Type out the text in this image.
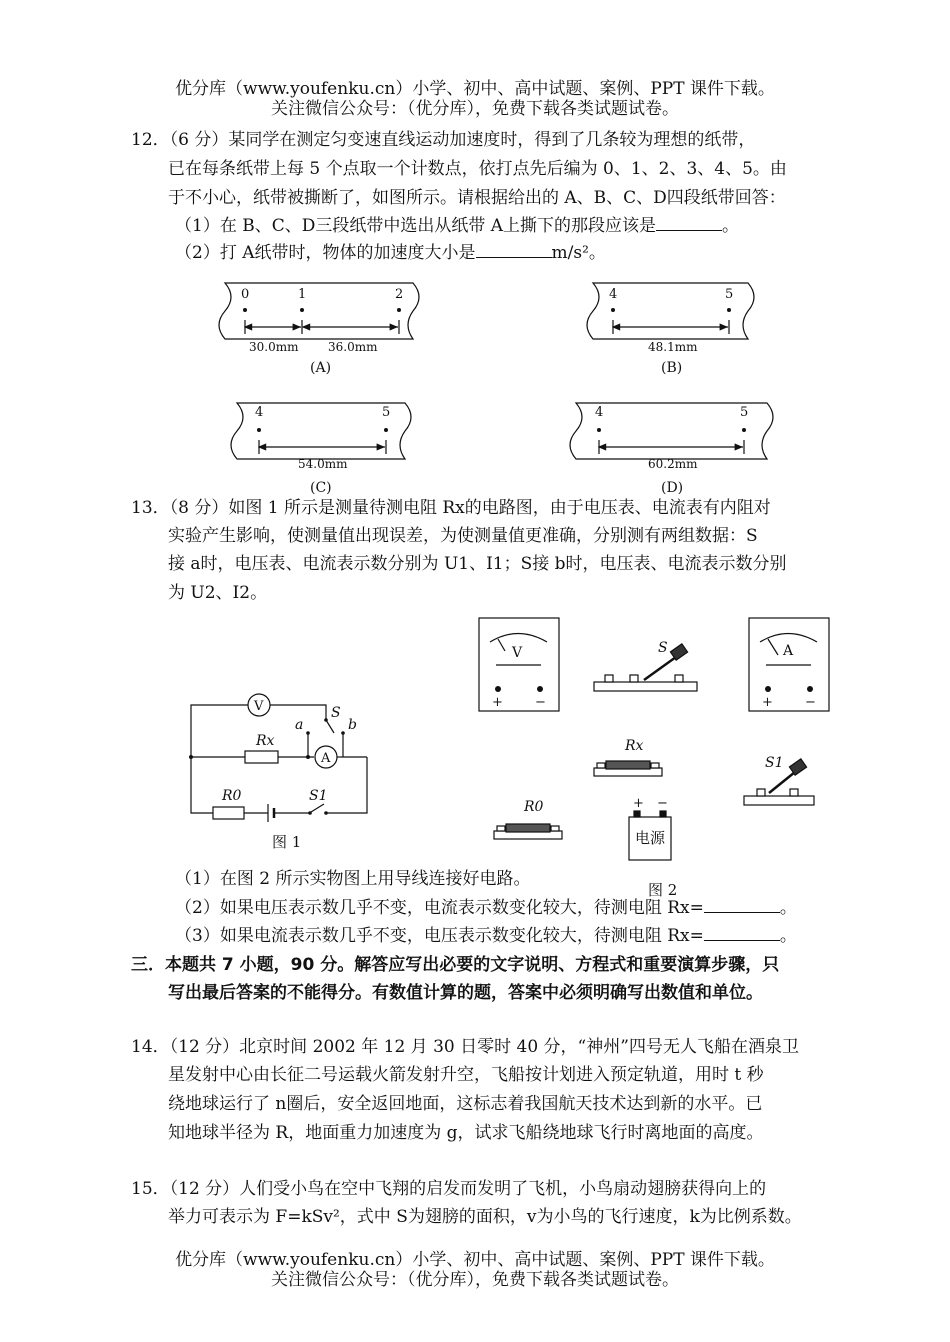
优分库（www.youfenku.cn）小学、初中、高中试题、案例、PPT 课件下载。
关注微信公众号：（优分库），免费下载各类试题试卷。
12．（6 分）某同学在测定匀变速直线运动加速度时，得到了几条较为理想的纸带，
已在每条纸带上每 5 个点取一个计数点，依打点先后编为 0、1、2、3、4、5。由
于不小心，纸带被撕断了，如图所示。请根据给出的 A、B、C、D四段纸带回答：
（1）在 B、C、D三段纸带中选出从纸带 A上撕下的那段应该是	。
（2）打 A纸带时，物体的加速度大小是	m/s²。
0	1	2
30.0mm 36.0mm
(A)
4	5
48.1mm
(B)
4	5
54.0mm
(C)
4	5
60.2mm
(D)
13．（8 分）如图 1 所示是测量待测电阻 Rx的电路图，由于电压表、电流表有内阻对
实验产生影响，使测量值出现误差，为使测量值更准确，分别测有两组数据：S
接 a时，电压表、电流表示数分别为 U1、I1；S接 b时，电压表、电流表示数分别
为 U2、I2。
V
A
Rx
R0
S
S1
a	b
图 1
V
+ −
A
+ −
S
S1
Rx
R0	+ −
电源
图 2
（1）在图 2 所示实物图上用导线连接好电路。
（2）如果电压表示数几乎不变，电流表示数变化较大，待测电阻 Rx=	。
（3）如果电流表示数几乎不变，电压表示数变化较大，待测电阻 Rx=	。
三．本题共 7 小题，90 分。解答应写出必要的文字说明、方程式和重要演算步骤，只
写出最后答案的不能得分。有数值计算的题，答案中必须明确写出数值和单位。
14．（12 分）北京时间 2002 年 12 月 30 日零时 40 分，“神州”四号无人飞船在酒泉卫
星发射中心由长征二号运载火箭发射升空，飞船按计划进入预定轨道，用时 t 秒
绕地球运行了 n圈后，安全返回地面，这标志着我国航天技术达到新的水平。已
知地球半径为 R，地面重力加速度为 g，试求飞船绕地球飞行时离地面的高度。
15．（12 分）人们受小鸟在空中飞翔的启发而发明了飞机，小鸟扇动翅膀获得向上的
举力可表示为 F=kSv²，式中 S为翅膀的面积，v为小鸟的飞行速度，k为比例系数。
优分库（www.youfenku.cn）小学、初中、高中试题、案例、PPT 课件下载。
关注微信公众号：（优分库），免费下载各类试题试卷。
